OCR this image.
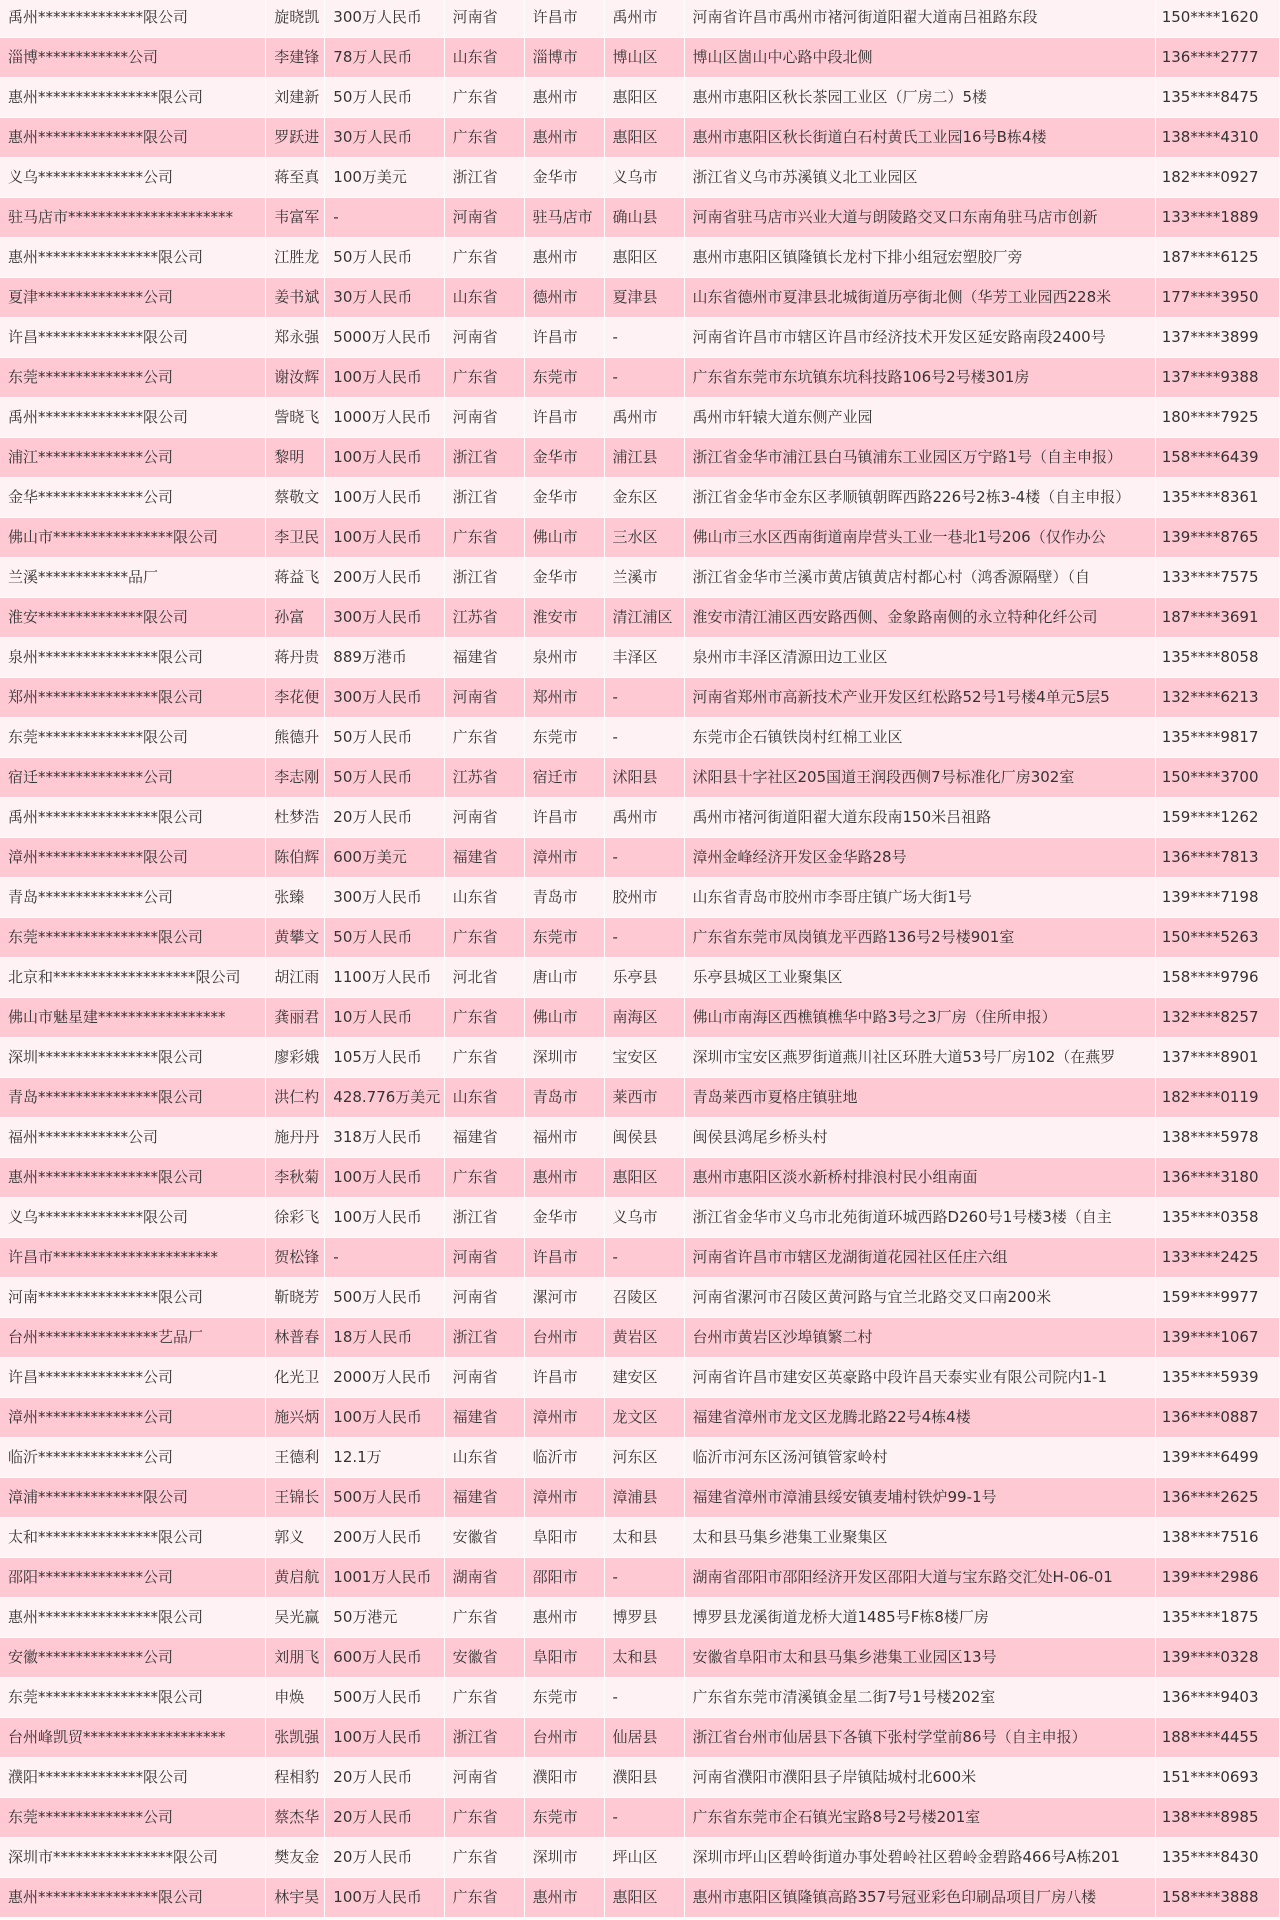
禹州**************限公司	旋晓凯	300万人民币	河南省	许昌市	禹州市	河南省许昌市禹州市褚河街道阳翟大道南吕祖路东段	150****1620
淄博************公司	李建锋	78万人民币	山东省	淄博市	博山区	博山区崮山中心路中段北侧	136****2777
惠州****************限公司	刘建新	50万人民币	广东省	惠州市	惠阳区	惠州市惠阳区秋长茶园工业区（厂房二）5楼	135****8475
惠州**************限公司	罗跃进	30万人民币	广东省	惠州市	惠阳区	惠州市惠阳区秋长街道白石村黄氏工业园16号B栋4楼	138****4310
义乌**************公司	蒋至真	100万美元	浙江省	金华市	义乌市	浙江省义乌市苏溪镇义北工业园区	182****0927
驻马店市**********************	韦富军	-	河南省	驻马店市	确山县	河南省驻马店市兴业大道与朗陵路交叉口东南角驻马店市创新	133****1889
惠州****************限公司	江胜龙	50万人民币	广东省	惠州市	惠阳区	惠州市惠阳区镇隆镇长龙村下排小组冠宏塑胶厂旁	187****6125
夏津**************公司	姜书斌	30万人民币	山东省	德州市	夏津县	山东省德州市夏津县北城街道历亭街北侧（华芳工业园西228米	177****3950
许昌**************限公司	郑永强	5000万人民币	河南省	许昌市	-	河南省许昌市市辖区许昌市经济技术开发区延安路南段2400号	137****3899
东莞**************公司	谢汝辉	100万人民币	广东省	东莞市	-	广东省东莞市东坑镇东坑科技路106号2号楼301房	137****9388
禹州**************限公司	訾晓飞	1000万人民币	河南省	许昌市	禹州市	禹州市轩辕大道东侧产业园	180****7925
浦江**************公司	黎明	100万人民币	浙江省	金华市	浦江县	浙江省金华市浦江县白马镇浦东工业园区万宁路1号（自主申报）	158****6439
金华**************公司	蔡敬文	100万人民币	浙江省	金华市	金东区	浙江省金华市金东区孝顺镇朝晖西路226号2栋3-4楼（自主申报）	135****8361
佛山市****************限公司	李卫民	100万人民币	广东省	佛山市	三水区	佛山市三水区西南街道南岸营头工业一巷北1号206（仅作办公	139****8765
兰溪************品厂	蒋益飞	200万人民币	浙江省	金华市	兰溪市	浙江省金华市兰溪市黄店镇黄店村都心村（鸿香源隔壁）（自	133****7575
淮安**************限公司	孙富	300万人民币	江苏省	淮安市	清江浦区	淮安市清江浦区西安路西侧、金象路南侧的永立特种化纤公司	187****3691
泉州****************限公司	蒋丹贵	889万港币	福建省	泉州市	丰泽区	泉州市丰泽区清源田边工业区	135****8058
郑州****************限公司	李花便	300万人民币	河南省	郑州市	-	河南省郑州市高新技术产业开发区红松路52号1号楼4单元5层5	132****6213
东莞**************限公司	熊德升	50万人民币	广东省	东莞市	-	东莞市企石镇铁岗村红棉工业区	135****9817
宿迁**************公司	李志刚	50万人民币	江苏省	宿迁市	沭阳县	沭阳县十字社区205国道王润段西侧7号标准化厂房302室	150****3700
禹州****************限公司	杜梦浩	20万人民币	河南省	许昌市	禹州市	禹州市褚河街道阳翟大道东段南150米吕祖路	159****1262
漳州**************限公司	陈伯辉	600万美元	福建省	漳州市	-	漳州金峰经济开发区金华路28号	136****7813
青岛**************公司	张臻	300万人民币	山东省	青岛市	胶州市	山东省青岛市胶州市李哥庄镇广场大街1号	139****7198
东莞****************限公司	黄攀文	50万人民币	广东省	东莞市	-	广东省东莞市凤岗镇龙平西路136号2号楼901室	150****5263
北京和*******************限公司	胡江雨	1100万人民币	河北省	唐山市	乐亭县	乐亭县城区工业聚集区	158****9796
佛山市魅星建*****************	龚丽君	10万人民币	广东省	佛山市	南海区	佛山市南海区西樵镇樵华中路3号之3厂房（住所申报）	132****8257
深圳****************限公司	廖彩娥	105万人民币	广东省	深圳市	宝安区	深圳市宝安区燕罗街道燕川社区环胜大道53号厂房102（在燕罗	137****8901
青岛****************限公司	洪仁杓	428.776万美元	山东省	青岛市	莱西市	青岛莱西市夏格庄镇驻地	182****0119
福州************公司	施丹丹	318万人民币	福建省	福州市	闽侯县	闽侯县鸿尾乡桥头村	138****5978
惠州****************限公司	李秋菊	100万人民币	广东省	惠州市	惠阳区	惠州市惠阳区淡水新桥村排浪村民小组南面	136****3180
义乌**************限公司	徐彩飞	100万人民币	浙江省	金华市	义乌市	浙江省金华市义乌市北苑街道环城西路D260号1号楼3楼（自主	135****0358
许昌市**********************	贺松锋	-	河南省	许昌市	-	河南省许昌市市辖区龙湖街道花园社区任庄六组	133****2425
河南****************限公司	靳晓芳	500万人民币	河南省	漯河市	召陵区	河南省漯河市召陵区黄河路与宜兰北路交叉口南200米	159****9977
台州****************艺品厂	林普春	18万人民币	浙江省	台州市	黄岩区	台州市黄岩区沙埠镇繁二村	139****1067
许昌**************公司	化光卫	2000万人民币	河南省	许昌市	建安区	河南省许昌市建安区英豪路中段许昌天泰实业有限公司院内1-1	135****5939
漳州**************公司	施兴炳	100万人民币	福建省	漳州市	龙文区	福建省漳州市龙文区龙腾北路22号4栋4楼	136****0887
临沂**************公司	王德利	12.1万	山东省	临沂市	河东区	临沂市河东区汤河镇管家岭村	139****6499
漳浦**************限公司	王锦长	500万人民币	福建省	漳州市	漳浦县	福建省漳州市漳浦县绥安镇麦埔村铁炉99-1号	136****2625
太和****************限公司	郭义	200万人民币	安徽省	阜阳市	太和县	太和县马集乡港集工业聚集区	138****7516
邵阳**************公司	黄启航	1001万人民币	湖南省	邵阳市	-	湖南省邵阳市邵阳经济开发区邵阳大道与宝东路交汇处H-06-01	139****2986
惠州****************限公司	吴光赢	50万港元	广东省	惠州市	博罗县	博罗县龙溪街道龙桥大道1485号F栋8楼厂房	135****1875
安徽**************公司	刘朋飞	600万人民币	安徽省	阜阳市	太和县	安徽省阜阳市太和县马集乡港集工业园区13号	139****0328
东莞****************限公司	申焕	500万人民币	广东省	东莞市	-	广东省东莞市清溪镇金星二街7号1号楼202室	136****9403
台州峰凯贸*******************	张凯强	100万人民币	浙江省	台州市	仙居县	浙江省台州市仙居县下各镇下张村学堂前86号（自主申报）	188****4455
濮阳**************限公司	程相豹	20万人民币	河南省	濮阳市	濮阳县	河南省濮阳市濮阳县子岸镇陆城村北600米	151****0693
东莞**************公司	蔡杰华	20万人民币	广东省	东莞市	-	广东省东莞市企石镇光宝路8号2号楼201室	138****8985
深圳市****************限公司	樊友金	20万人民币	广东省	深圳市	坪山区	深圳市坪山区碧岭街道办事处碧岭社区碧岭金碧路466号A栋201	135****8430
惠州****************限公司	林宇昊	100万人民币	广东省	惠州市	惠阳区	惠州市惠阳区镇隆镇高路357号冠亚彩色印刷品项目厂房八楼	158****3888
